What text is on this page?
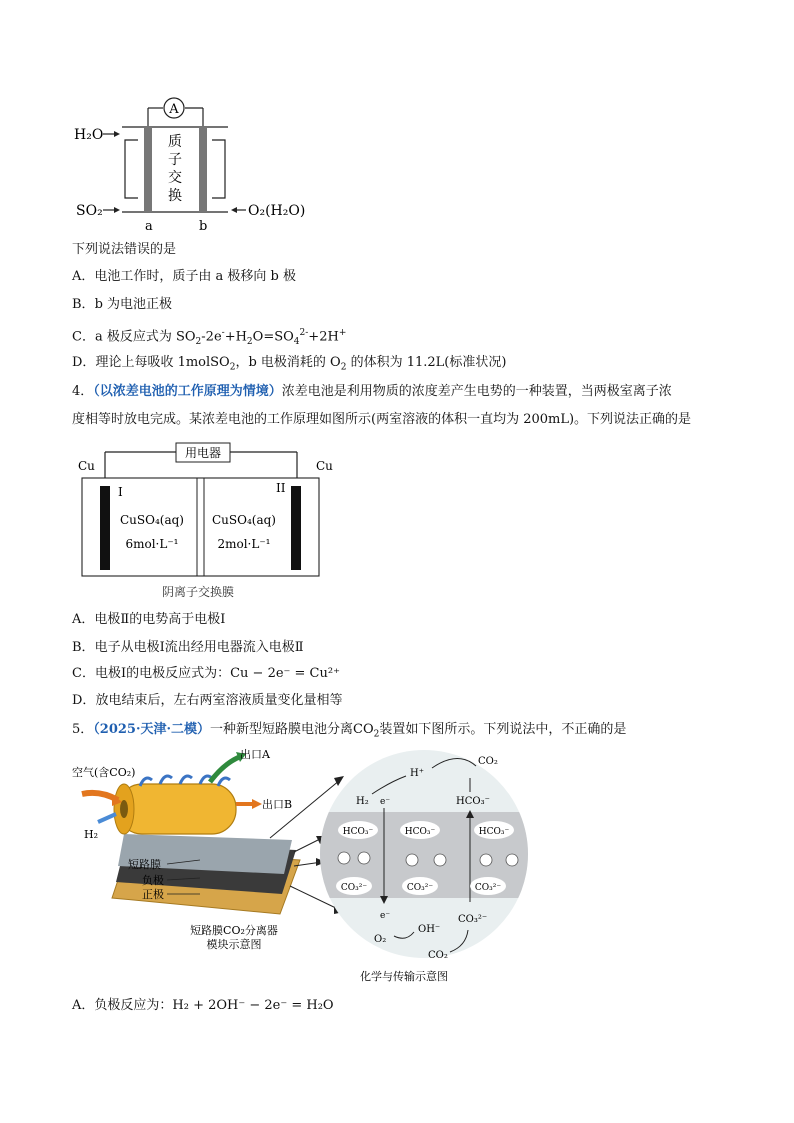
A
质
子
交
换
H₂O
SO₂	O₂(H₂O)
a	b
下列说法错误的是
A．电池工作时，质子由 a 极移向 b 极
B．b 为电池正极
C．a 极反应式为 $SO_2-2e^-+H_2O=SO_4^{2-}+2H^+$
D．理论上每吸收 1molSO$_2$，b 电极消耗的 $O_2$ 的体积为 11.2L(标准状况)
4．（以浓差电池的工作原理为情境）浓差电池是利用物质的浓度差产生电势的一种装置，当两极室离子浓
度相等时放电完成。某浓差电池的工作原理如图所示(两室溶液的体积一直均为 200mL)。下列说法正确的是
用电器
Cu	Cu
I	II
CuSO₄(aq)
6mol·L⁻¹
CuSO₄(aq)
2mol·L⁻¹
阴离子交换膜
A．电极Ⅱ的电势高于电极Ⅰ
B．电子从电极Ⅰ流出经用电器流入电极Ⅱ
C．电极Ⅰ的电极反应式为：Cu − 2e⁻ = Cu²⁺
D．放电结束后，左右两室溶液质量变化量相等
5．（2025·天津·二模）一种新型短路膜电池分离$CO_2$装置如下图所示。下列说法中，不正确的是
空气(含CO₂)
出口A
出口B
H₂
短路膜
负极
正极
短路膜CO₂分离器
模块示意图
H⁺
CO₂
H₂ e⁻	HCO₃⁻
HCO₃⁻	HCO₃⁻	HCO₃⁻
CO₃²⁻	CO₃²⁻	CO₃²⁻
e⁻
O₂
OH⁻
CO₃²⁻
CO₂
化学与传输示意图
A．负极反应为：H₂ + 2OH⁻ − 2e⁻ = H₂O
